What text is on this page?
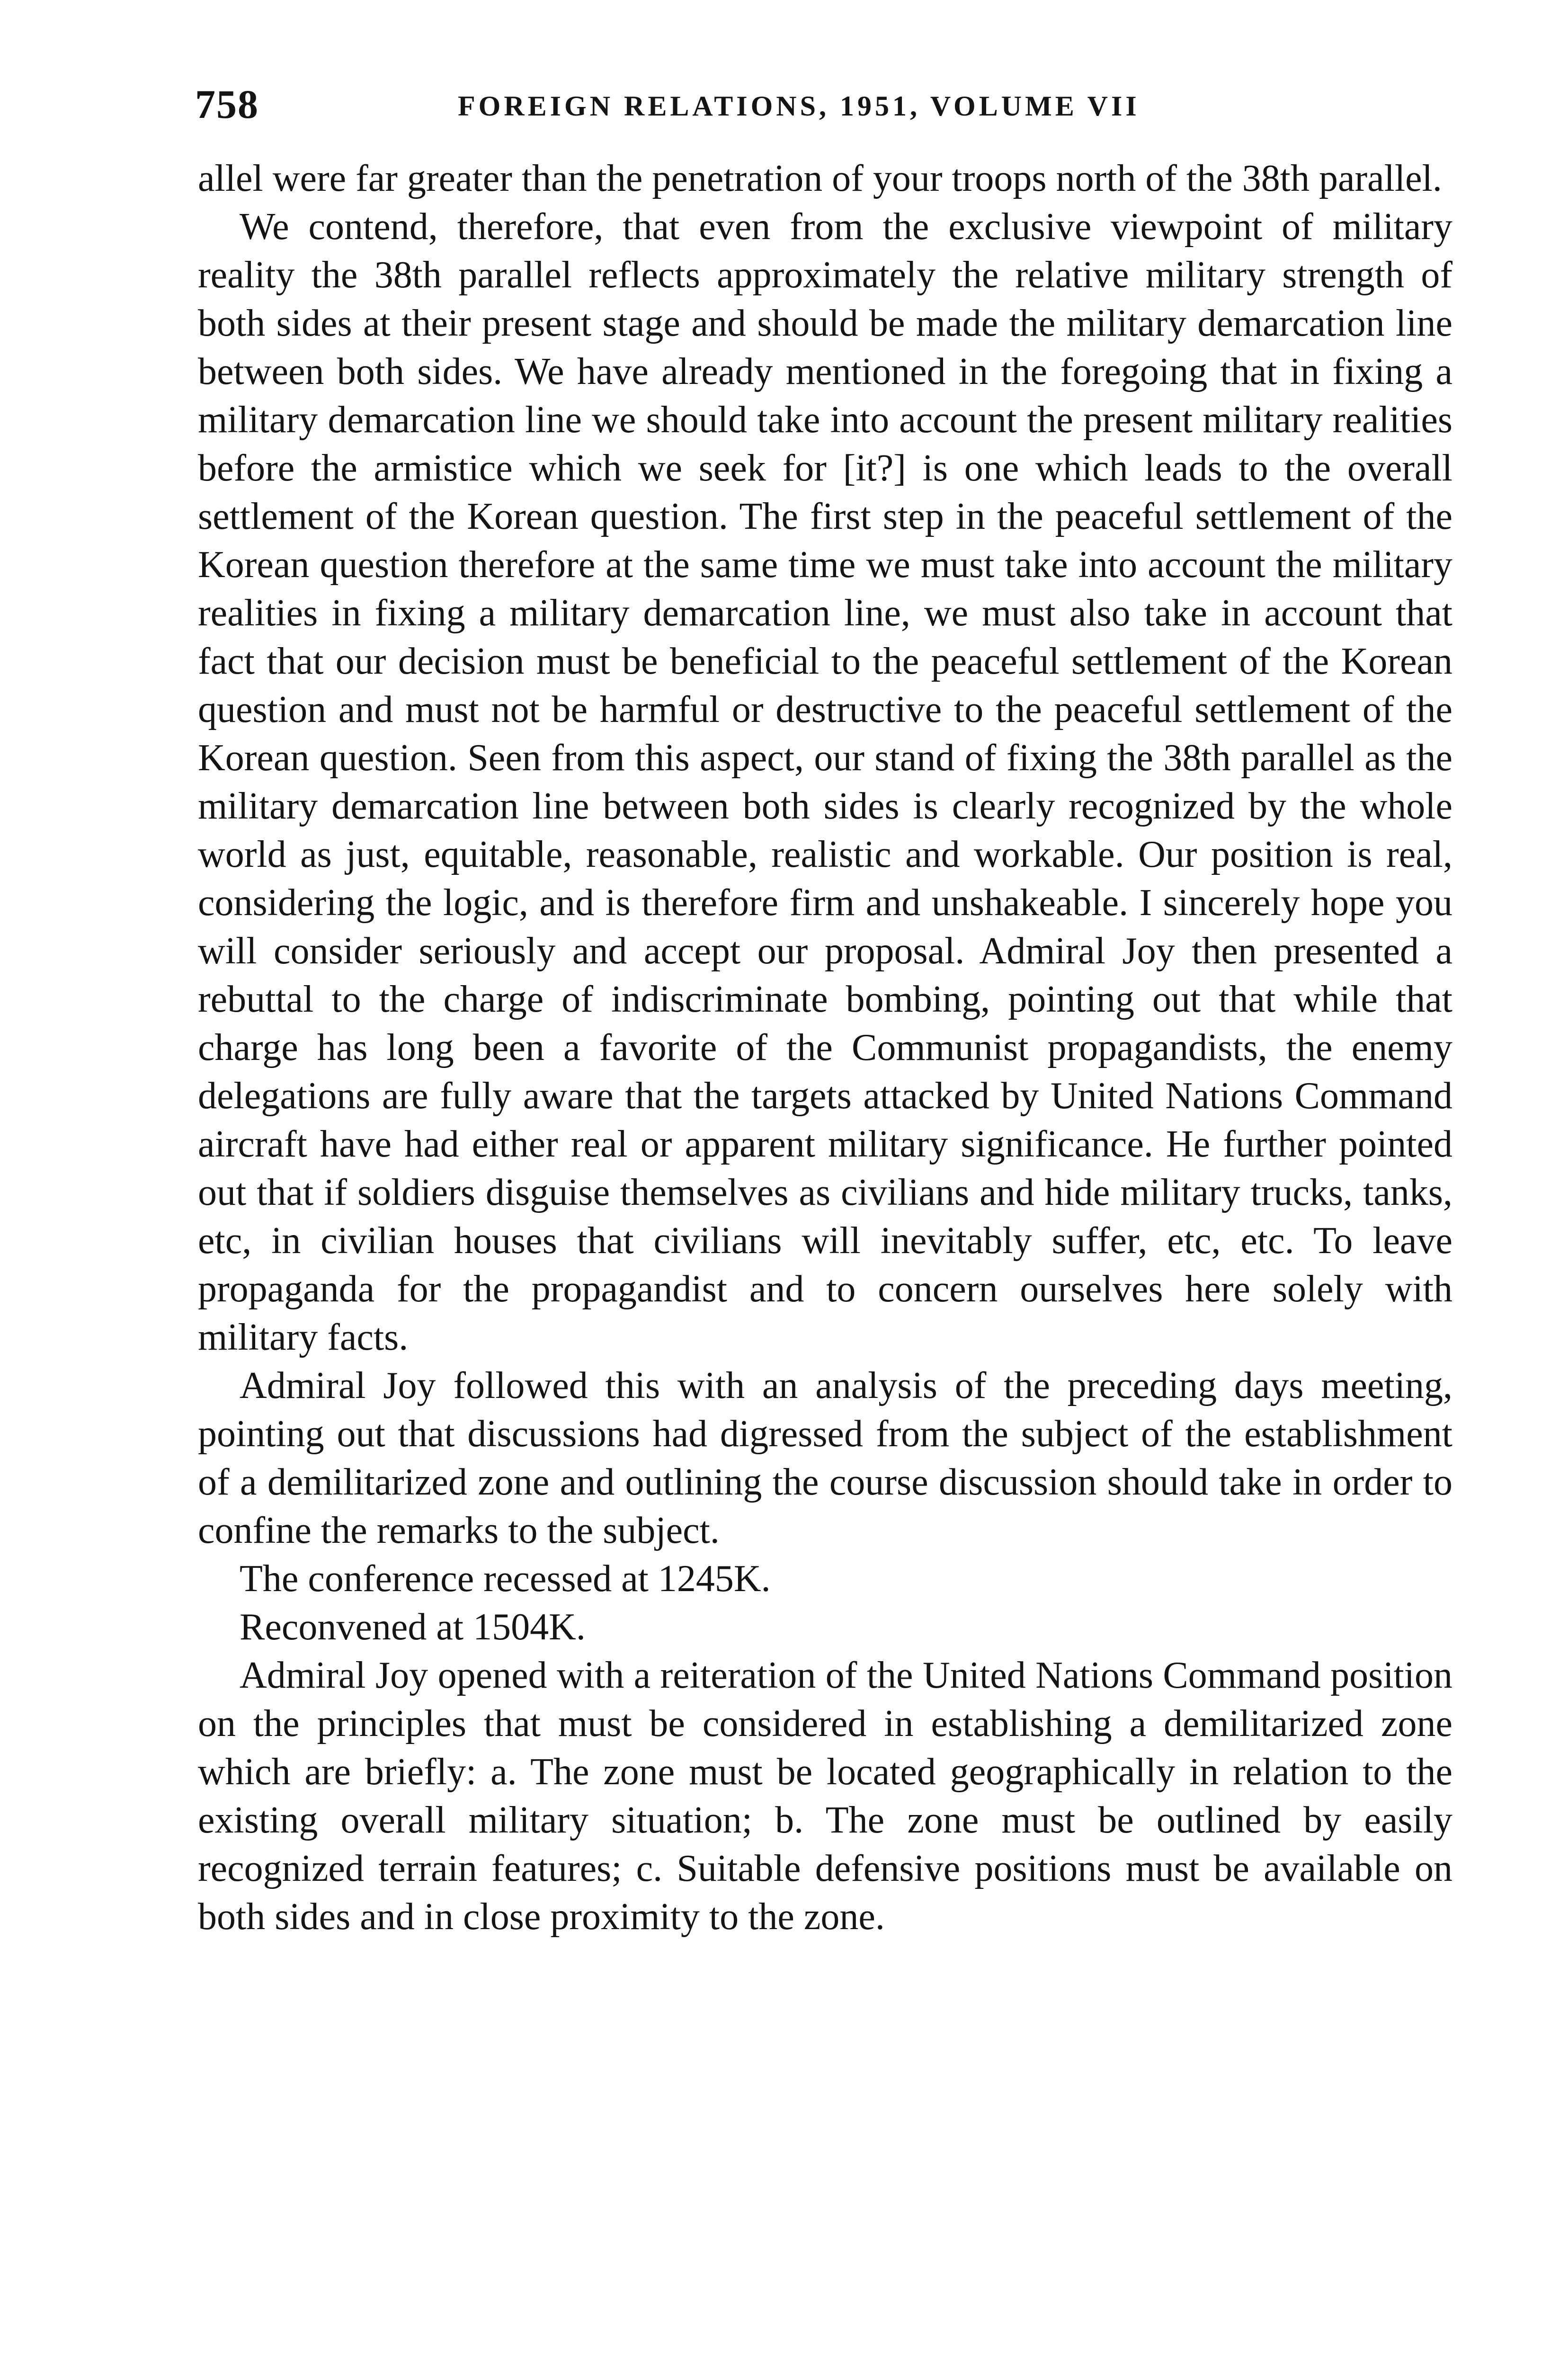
758	FOREIGN RELATIONS, 1951, VOLUME VII

allel were far greater than the penetration of your troops north of the 38th parallel.

We contend, therefore, that even from the exclusive viewpoint of military reality the 38th parallel reflects approximately the relative military strength of both sides at their present stage and should be made the military demarcation line between both sides. We have already mentioned in the foregoing that in fixing a military demarcation line we should take into account the present military realities before the armistice which we seek for [it?] is one which leads to the overall settlement of the Korean question. The first step in the peaceful settlement of the Korean question therefore at the same time we must take into account the military realities in fixing a military demarcation line, we must also take in account that fact that our decision must be beneficial to the peaceful settlement of the Korean question and must not be harmful or destructive to the peaceful settlement of the Korean question. Seen from this aspect, our stand of fixing the 38th parallel as the military demarcation line between both sides is clearly recognized by the whole world as just, equitable, reasonable, realistic and workable. Our position is real, considering the logic, and is therefore firm and unshakeable. I sincerely hope you will consider seriously and accept our proposal. Admiral Joy then presented a rebuttal to the charge of indiscriminate bombing, pointing out that while that charge has long been a favorite of the Communist propagandists, the enemy delegations are fully aware that the targets attacked by United Nations Command aircraft have had either real or apparent military significance. He further pointed out that if soldiers disguise themselves as civilians and hide military trucks, tanks, etc, in civilian houses that civilians will inevitably suffer, etc, etc. To leave propaganda for the propagandist and to concern ourselves here solely with military facts.

Admiral Joy followed this with an analysis of the preceding days meeting, pointing out that discussions had digressed from the subject of the establishment of a demilitarized zone and outlining the course discussion should take in order to confine the remarks to the subject.

The conference recessed at 1245K.

Reconvened at 1504K.

Admiral Joy opened with a reiteration of the United Nations Command position on the principles that must be considered in establishing a demilitarized zone which are briefly: a. The zone must be located geographically in relation to the existing overall military situation; b. The zone must be outlined by easily recognized terrain features; c. Suitable defensive positions must be available on both sides and in close proximity to the zone.
